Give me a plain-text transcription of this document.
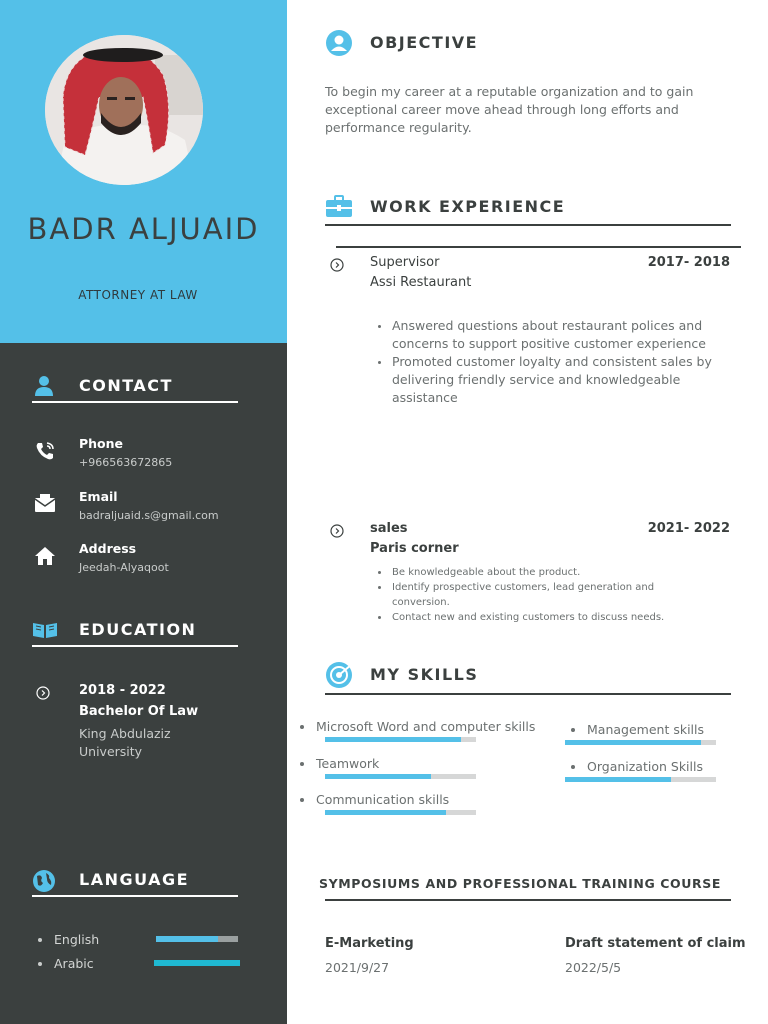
BADR ALJUAID
ATTORNEY AT LAW
CONTACT
Phone
+966563672865
Email
badraljuaid.s@gmail.com
Address
Jeedah-Alyaqoot
EDUCATION
2018 - 2022
Bachelor Of Law
King Abdulaziz University
LANGUAGE
English
Arabic
OBJECTIVE
To begin my career at a reputable organization and to gain exceptional career move ahead through long efforts and performance regularity.
WORK EXPERIENCE
Supervisor
Assi Restaurant
2017- 2018
Answered questions about restaurant polices and concerns to support positive customer experience
Promoted customer loyalty and consistent sales by delivering friendly service and knowledgeable assistance
sales
Paris corner
2021- 2022
Be knowledgeable about the product.
Identify prospective customers, lead generation and conversion.
Contact new and existing customers to discuss needs.
MY SKILLS
Microsoft Word and computer skills
Teamwork
Communication skills
Management skills
Organization Skills
SYMPOSIUMS AND PROFESSIONAL TRAINING COURSE
E-Marketing
2021/9/27
Draft statement of claim
2022/5/5
